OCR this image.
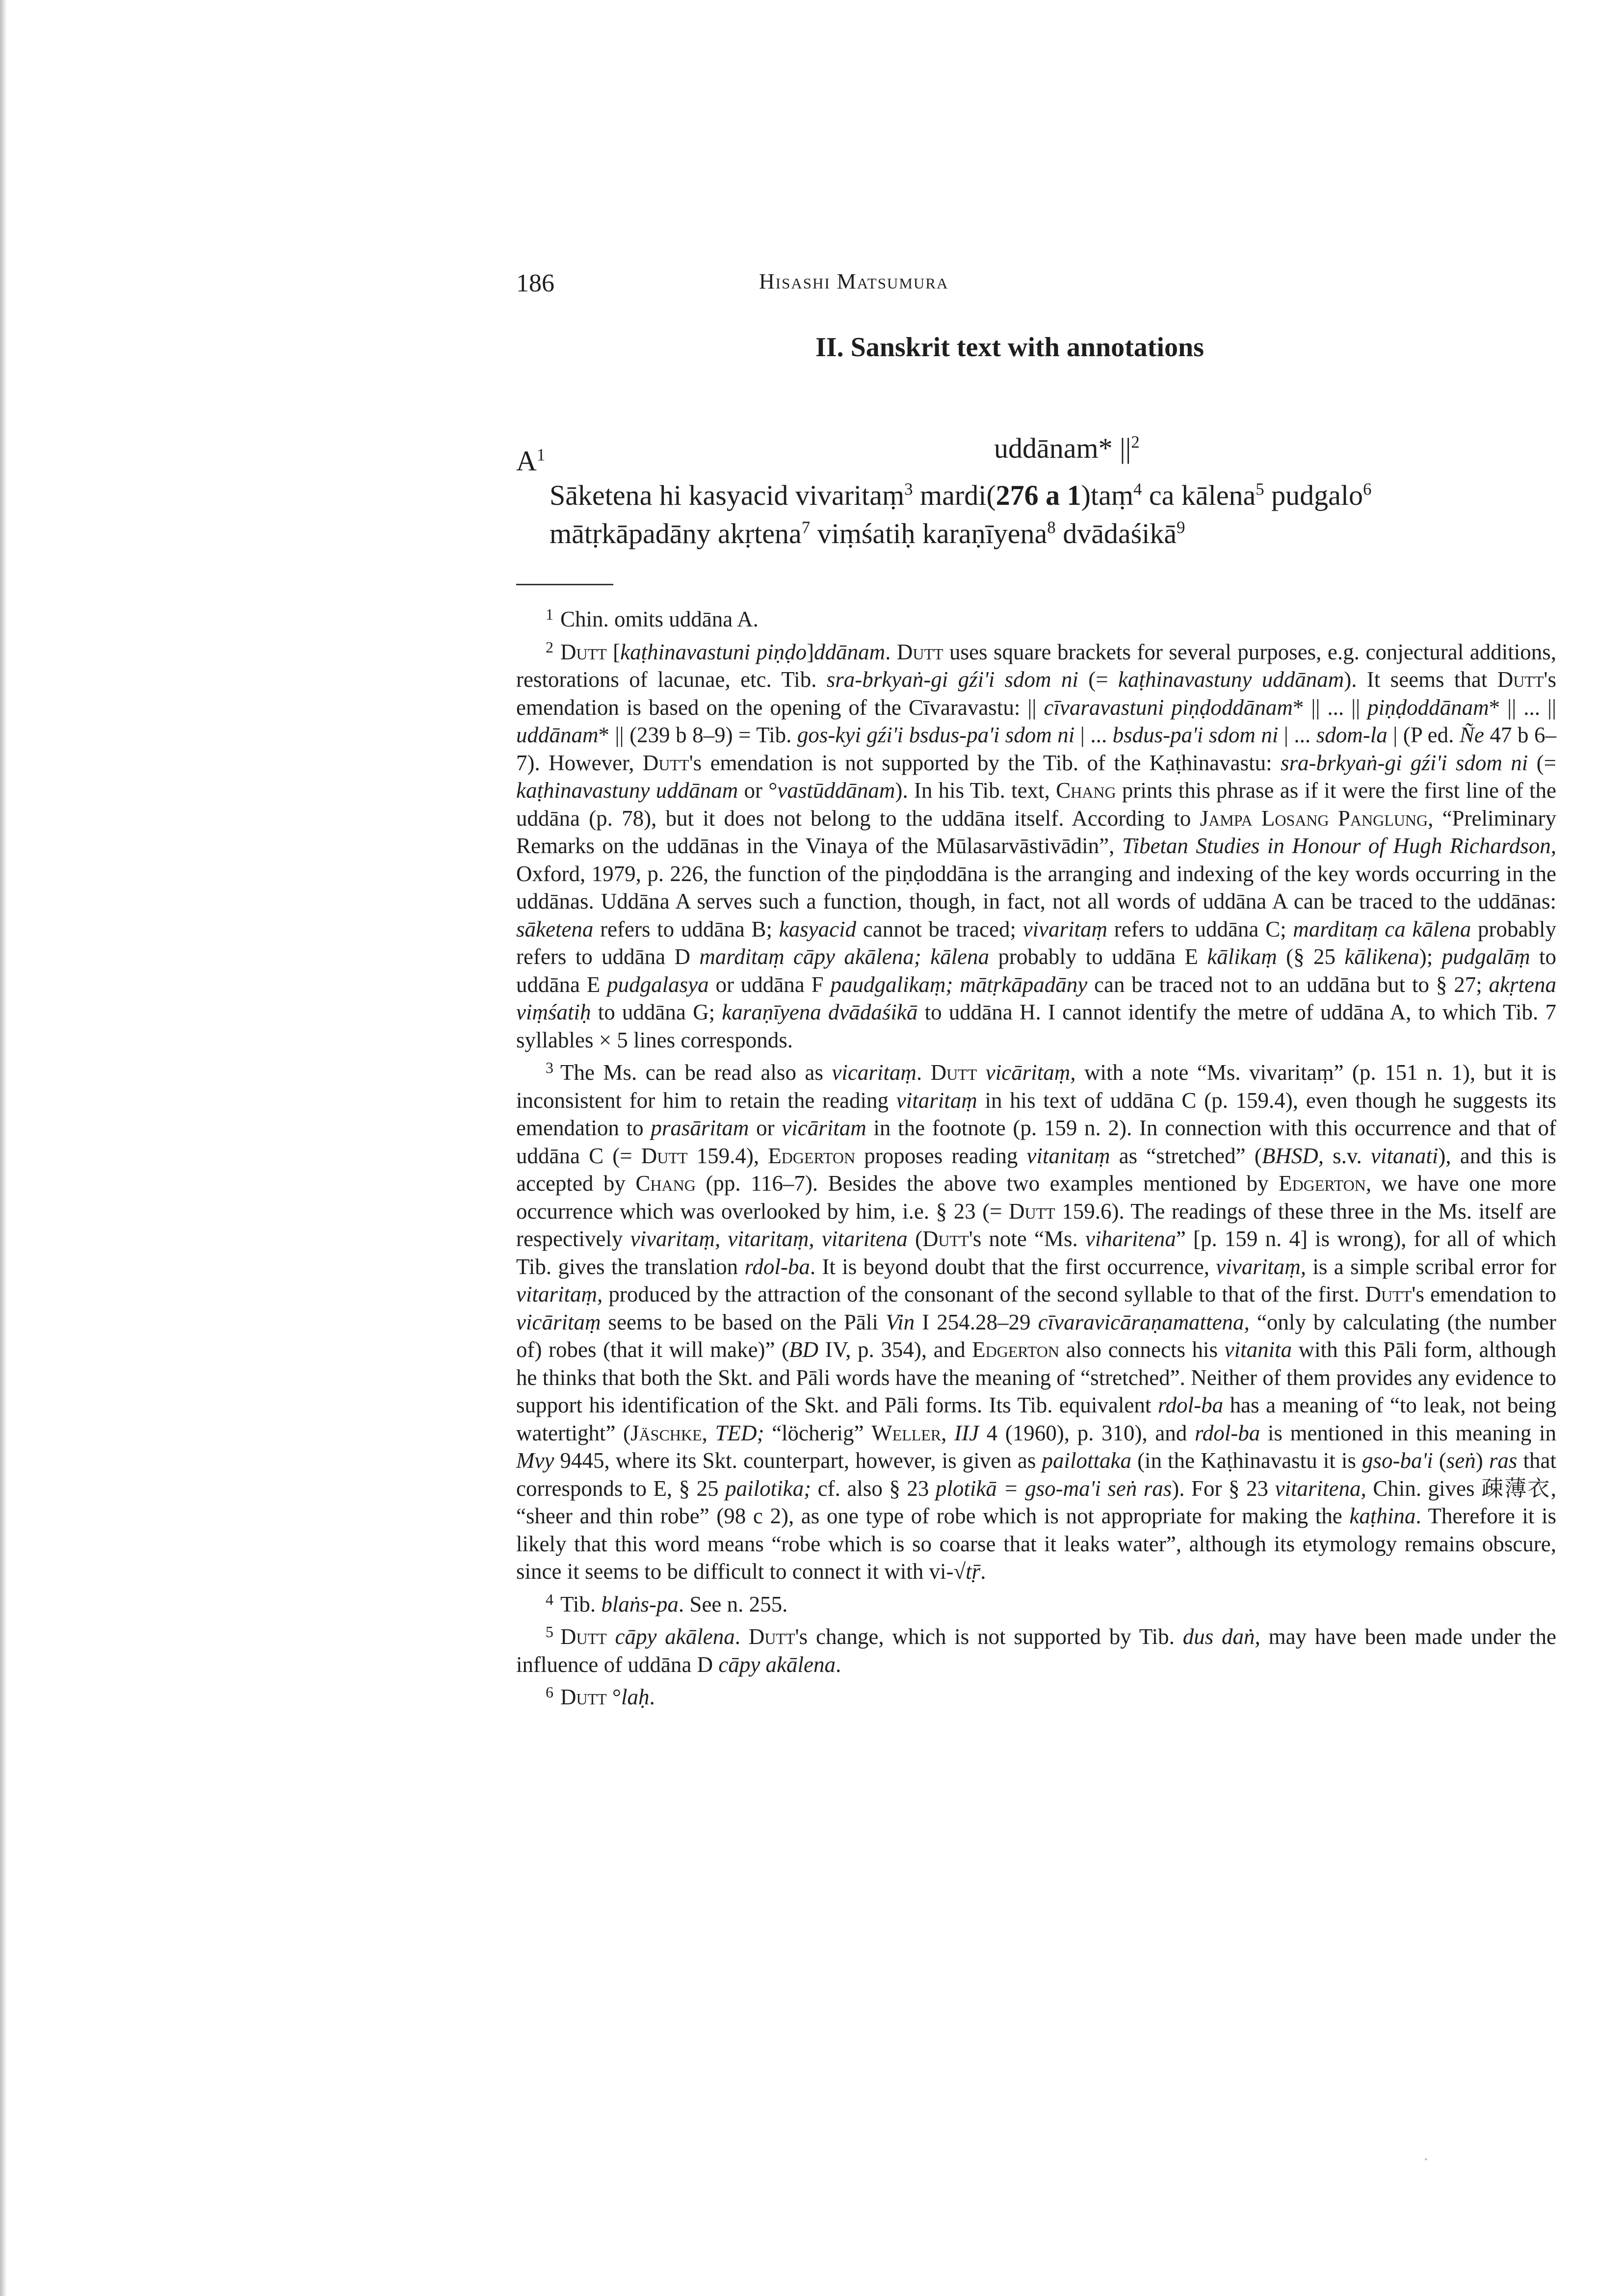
186	Hisashi Matsumura
II. Sanskrit text with annotations
$A^1$	uddānam* $||^2$
Sāketena hi kasyacid vivaritaṃ$^3$ mardi(276 a 1)taṃ$^4$ ca kālena$^5$ pudgalo$^6$
mātṛkāpadāny akṛtena$^7$ viṃśatiḥ karaṇīyena$^8$ dvādaśikā$^9$

$^1$ Chin. omits uddāna A.

$^2$ Dutt [kaṭhinavastuni piṇḍo]ddānam. Dutt uses square brackets for several purposes, e.g. conjectural additions, restorations of lacunae, etc. Tib. sra-brkyaṅ-gi gźi'i sdom ni (= kaṭhinavastuny uddānam). It seems that Dutt's emendation is based on the opening of the Cīvaravastu: || cīvaravastuni piṇḍoddānam* || ... || piṇḍoddānam* || ... || uddānam* || (239 b 8–9) = Tib. gos-kyi gźi'i bsdus-pa'i sdom ni | ... bsdus-pa'i sdom ni | ... sdom-la | (P ed. Ñe 47 b 6–7). However, Dutt's emendation is not supported by the Tib. of the Kaṭhinavastu: sra-brkyaṅ-gi gźi'i sdom ni (= kaṭhinavastuny uddānam or °vastūddānam). In his Tib. text, Chang prints this phrase as if it were the first line of the uddāna (p. 78), but it does not belong to the uddāna itself. According to Jampa Losang Panglung, “Preliminary Remarks on the uddānas in the Vinaya of the Mūlasarvāstivādin”, Tibetan Studies in Honour of Hugh Richardson, Oxford, 1979, p. 226, the function of the piṇḍoddāna is the arranging and indexing of the key words occurring in the uddānas. Uddāna A serves such a function, though, in fact, not all words of uddāna A can be traced to the uddānas: sāketena refers to uddāna B; kasyacid cannot be traced; vivaritaṃ refers to uddāna C; marditaṃ ca kālena probably refers to uddāna D marditaṃ cāpy akālena; kālena probably to uddāna E kālikaṃ (§ 25 kālikena); pudgalāṃ to uddāna E pudgalasya or uddāna F paudgalikaṃ; mātṛkāpadāny can be traced not to an uddāna but to § 27; akṛtena viṃśatiḥ to uddāna G; karaṇīyena dvādaśikā to uddāna H. I cannot identify the metre of uddāna A, to which Tib. 7 syllables × 5 lines corresponds.

$^3$ The Ms. can be read also as vicaritaṃ. Dutt vicāritaṃ, with a note “Ms. vivaritaṃ” (p. 151 n. 1), but it is inconsistent for him to retain the reading vitaritaṃ in his text of uddāna C (p. 159.4), even though he suggests its emendation to prasāritam or vicāritam in the footnote (p. 159 n. 2). In connection with this occurrence and that of uddāna C (= Dutt 159.4), Edgerton proposes reading vitanitaṃ as “stretched” (BHSD, s.v. vitanati), and this is accepted by Chang (pp. 116–7). Besides the above two examples mentioned by Edgerton, we have one more occurrence which was overlooked by him, i.e. § 23 (= Dutt 159.6). The readings of these three in the Ms. itself are respectively vivaritaṃ, vitaritaṃ, vitaritena (Dutt's note “Ms. viharitena” [p. 159 n. 4] is wrong), for all of which Tib. gives the translation rdol-ba. It is beyond doubt that the first occurrence, vivaritaṃ, is a simple scribal error for vitaritaṃ, produced by the attraction of the consonant of the second syllable to that of the first. Dutt's emendation to vicāritaṃ seems to be based on the Pāli Vin I 254.28–29 cīvaravicāraṇamattena, “only by calculating (the number of) robes (that it will make)” (BD IV, p. 354), and Edgerton also connects his vitanita with this Pāli form, although he thinks that both the Skt. and Pāli words have the meaning of “stretched”. Neither of them provides any evidence to support his identification of the Skt. and Pāli forms. Its Tib. equivalent rdol-ba has a meaning of “to leak, not being watertight” (Jäschke, TED; “löcherig” Weller, IIJ 4 (1960), p. 310), and rdol-ba is mentioned in this meaning in Mvy 9445, where its Skt. counterpart, however, is given as pailottaka (in the Kaṭhinavastu it is gso-ba'i (seṅ) ras that corresponds to E, § 25 pailotika; cf. also § 23 plotikā = gso-ma'i seṅ ras). For § 23 vitaritena, Chin. gives 疎薄衣, “sheer and thin robe” (98 c 2), as one type of robe which is not appropriate for making the kaṭhina. Therefore it is likely that this word means “robe which is so coarse that it leaks water”, although its etymology remains obscure, since it seems to be difficult to connect it with vi-√tṝ.

$^4$ Tib. blaṅs-pa. See n. 255.

$^5$ Dutt cāpy akālena. Dutt's change, which is not supported by Tib. dus daṅ, may have been made under the influence of uddāna D cāpy akālena.

$^6$ Dutt °laḥ.

·
